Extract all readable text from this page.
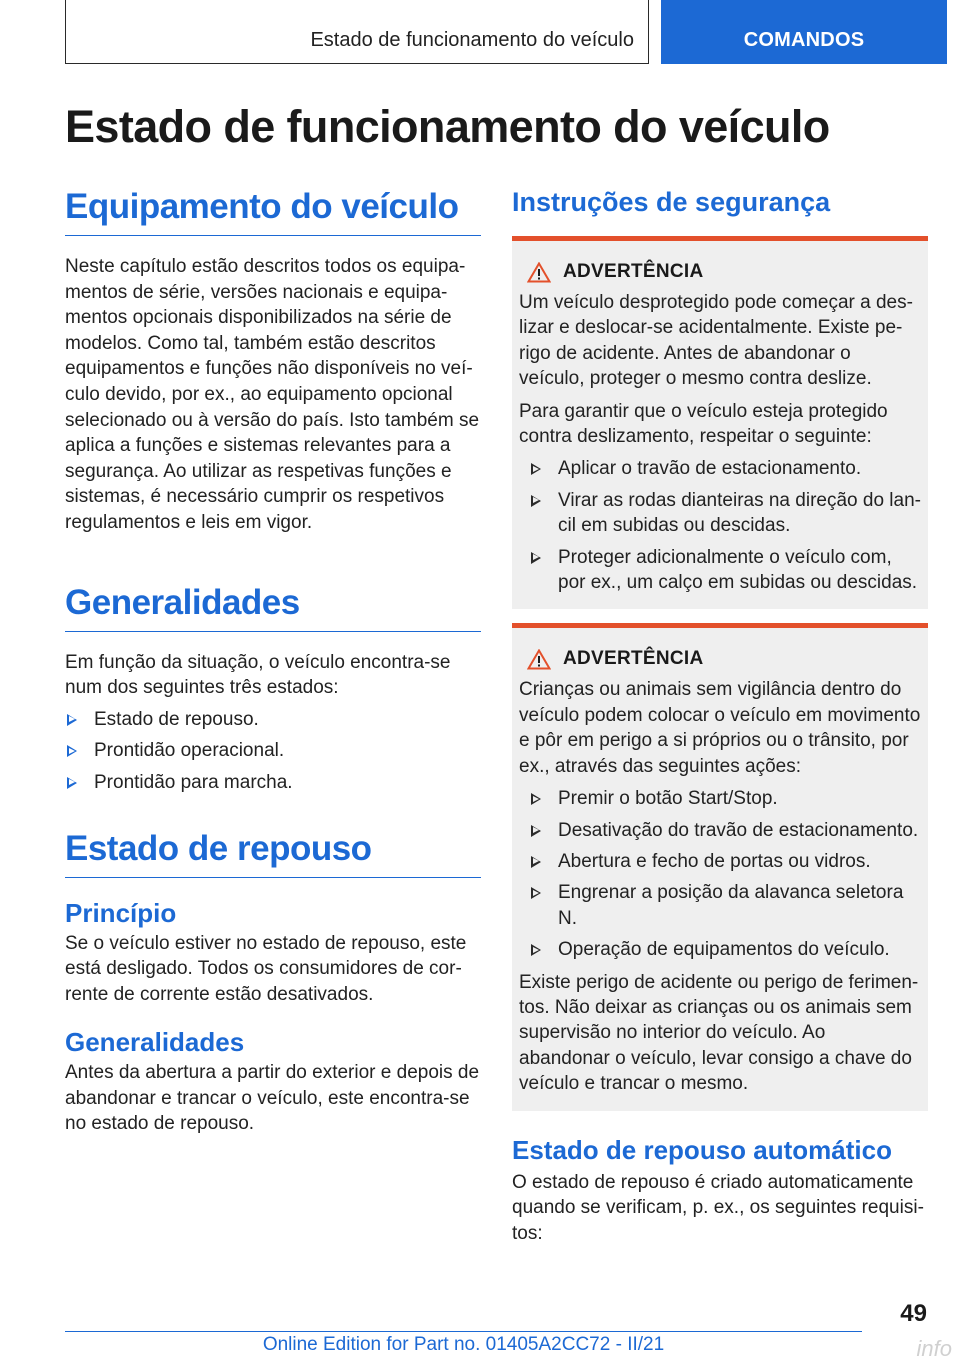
Estado de funcionamento do veículo	COMANDOS
Estado de funcionamento do veículo
Equipamento do veículo

Neste capítulo estão descritos todos os equipamentos de série, versões nacionais e equipamentos opcionais disponibilizados na série de modelos. Como tal, também estão descritos equipamentos e funções não disponíveis no veículo devido, por ex., ao equipamento opcional selecionado ou à versão do país. Isto também se aplica a funções e sistemas relevantes para a segurança. Ao utilizar as respetivas funções e sistemas, é necessário cumprir os respetivos regulamentos e leis em vigor.

Generalidades

Em função da situação, o veículo encontra-se num dos seguintes três estados:

Estado de repouso.
Prontidão operacional.
Prontidão para marcha.
Estado de repouso
Princípio

Se o veículo estiver no estado de repouso, este está desligado. Todos os consumidores de corrente de corrente estão desativados.

Generalidades

Antes da abertura a partir do exterior e depois de abandonar e trancar o veículo, este encontra-se no estado de repouso.

Instruções de segurança
ADVERTÊNCIA

Um veículo desprotegido pode começar a deslizar e deslocar-se acidentalmente. Existe perigo de acidente. Antes de abandonar o veículo, proteger o mesmo contra deslize.

Para garantir que o veículo esteja protegido contra deslizamento, respeitar o seguinte:

Aplicar o travão de estacionamento.
Virar as rodas dianteiras na direção do lancil em subidas ou descidas.
Proteger adicionalmente o veículo com, por ex., um calço em subidas ou descidas.
ADVERTÊNCIA

Crianças ou animais sem vigilância dentro do veículo podem colocar o veículo em movimento e pôr em perigo a si próprios ou o trânsito, por ex., através das seguintes ações:

Premir o botão Start/Stop.
Desativação do travão de estacionamento.
Abertura e fecho de portas ou vidros.
Engrenar a posição da alavanca seletora N.
Operação de equipamentos do veículo.

Existe perigo de acidente ou perigo de ferimentos. Não deixar as crianças ou os animais sem supervisão no interior do veículo. Ao abandonar o veículo, levar consigo a chave do veículo e trancar o mesmo.

Estado de repouso automático

O estado de repouso é criado automaticamente quando se verificam, p. ex., os seguintes requisitos:

49
Online Edition for Part no. 01405A2CC72 - II/21	info
